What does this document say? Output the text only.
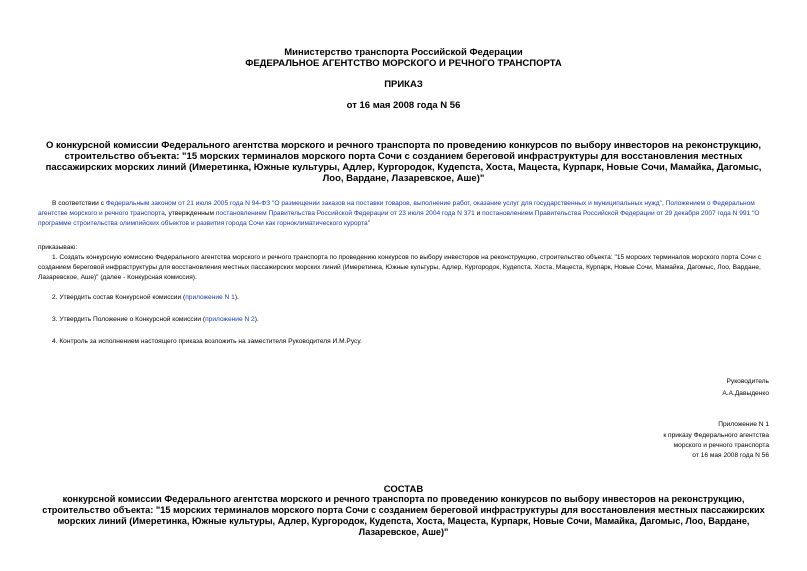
Министерство транспорта Российской Федерации
ФЕДЕРАЛЬНОЕ АГЕНТСТВО МОРСКОГО И РЕЧНОГО ТРАНСПОРТА
ПРИКАЗ
от 16 мая 2008 года N 56
О конкурсной комиссии Федерального агентства морского и речного транспорта по проведению конкурсов по выбору инвесторов на реконструкцию, строительство объекта: "15 морских терминалов морского порта Сочи с созданием береговой инфраструктуры для восстановления местных пассажирских морских линий (Имеретинка, Южные культуры, Адлер, Кургородок, Кудепста, Хоста, Мацеста, Курпарк, Новые Сочи, Мамайка, Дагомыс, Лоо, Вардане, Лазаревское, Аше)"
В соответствии с Федеральным законом от 21 июля 2005 года N 94-ФЗ "О размещении заказов на поставки товаров, выполнение работ, оказание услуг для государственных и муниципальных нужд", Положением о Федеральном агентстве морского и речного транспорта, утвержденным постановлением Правительства Российской Федерации от 23 июля 2004 года N 371 и постановлением Правительства Российской Федерации от 29 декабря 2007 года N 991 "О программе строительства олимпийских объектов и развития города Сочи как горноклиматического курорта"
приказываю:
1. Создать конкурсную комиссию Федерального агентства морского и речного транспорта по проведению конкурсов по выбору инвесторов на реконструкцию, строительство объекта: "15 морских терминалов морского порта Сочи с созданием береговой инфраструктуры для восстановления местных пассажирских морских линий (Имеретинка, Южные культуры, Адлер, Кургородок, Кудепста, Хоста, Мацеста, Курпарк, Новые Сочи, Мамайка, Дагомыс, Лоо, Вардане, Лазаревское, Аше)" (далее - Конкурсная комиссия).
2. Утвердить состав Конкурсной комиссии (приложение N 1).
3. Утвердить Положение о Конкурсной комиссии (приложение N 2).
4. Контроль за исполнением настоящего приказа возложить на заместителя Руководителя И.М.Русу.
Руководитель
А.А.Давыденко
Приложение N 1
к приказу Федерального агентства
морского и речного транспорта
от 16 мая 2008 года N 56
СОСТАВ
конкурсной комиссии Федерального агентства морского и речного транспорта по проведению конкурсов по выбору инвесторов на реконструкцию, строительство объекта: "15 морских терминалов морского порта Сочи с созданием береговой инфраструктуры для восстановления местных пассажирских морских линий (Имеретинка, Южные культуры, Адлер, Кургородок, Кудепста, Хоста, Мацеста, Курпарк, Новые Сочи, Мамайка, Дагомыс, Лоо, Вардане, Лазаревское, Аше)"
